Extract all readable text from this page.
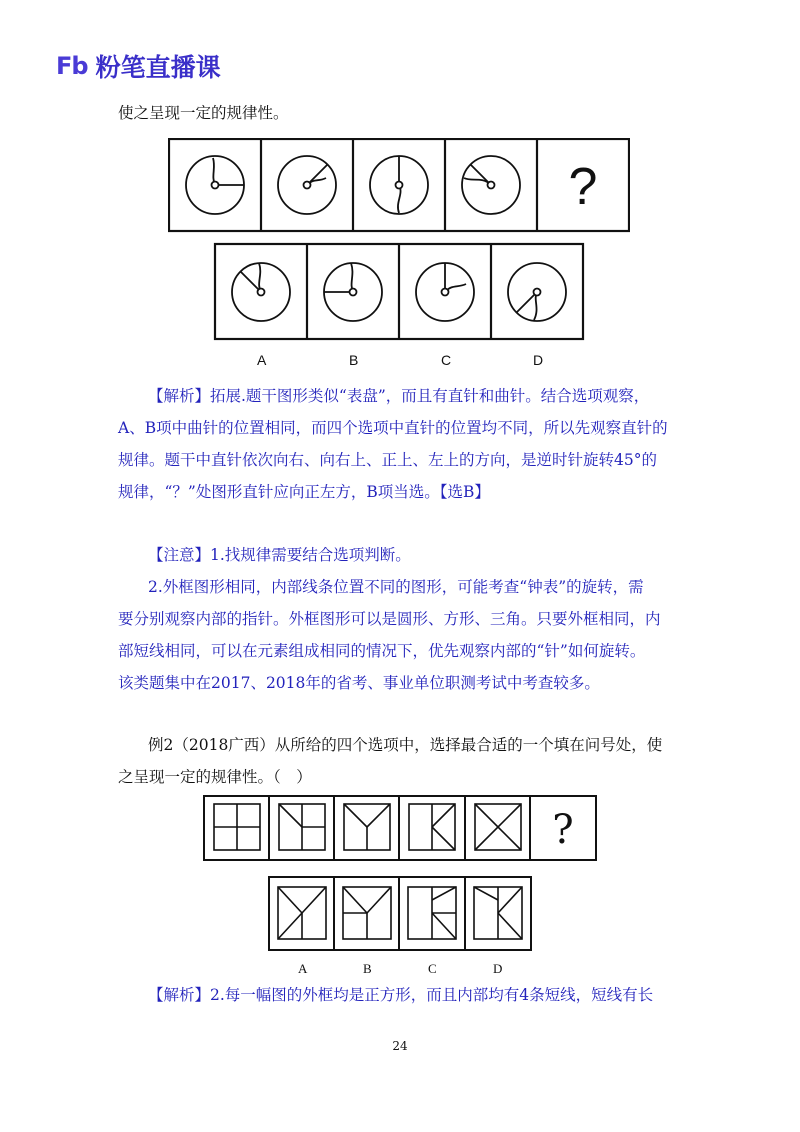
Fb 粉笔直播课
使之呈现一定的规律性。
?
A	B	C	D
【解析】拓展.题干图形类似“表盘”，而且有直针和曲针。结合选项观察，
A、B项中曲针的位置相同，而四个选项中直针的位置均不同，所以先观察直针的
规律。题干中直针依次向右、向右上、正上、左上的方向，是逆时针旋转45°的
规律，“？”处图形直针应向正左方，B项当选。【选B】
【注意】1.找规律需要结合选项判断。
2.外框图形相同，内部线条位置不同的图形，可能考查“钟表”的旋转，需
要分别观察内部的指针。外框图形可以是圆形、方形、三角。只要外框相同，内
部短线相同，可以在元素组成相同的情况下，优先观察内部的“针”如何旋转。
该类题集中在2017、2018年的省考、事业单位职测考试中考查较多。
例2（2018广西）从所给的四个选项中，选择最合适的一个填在问号处，使
之呈现一定的规律性。（　）
?
A	B	C	D
【解析】2.每一幅图的外框均是正方形，而且内部均有4条短线，短线有长
24
